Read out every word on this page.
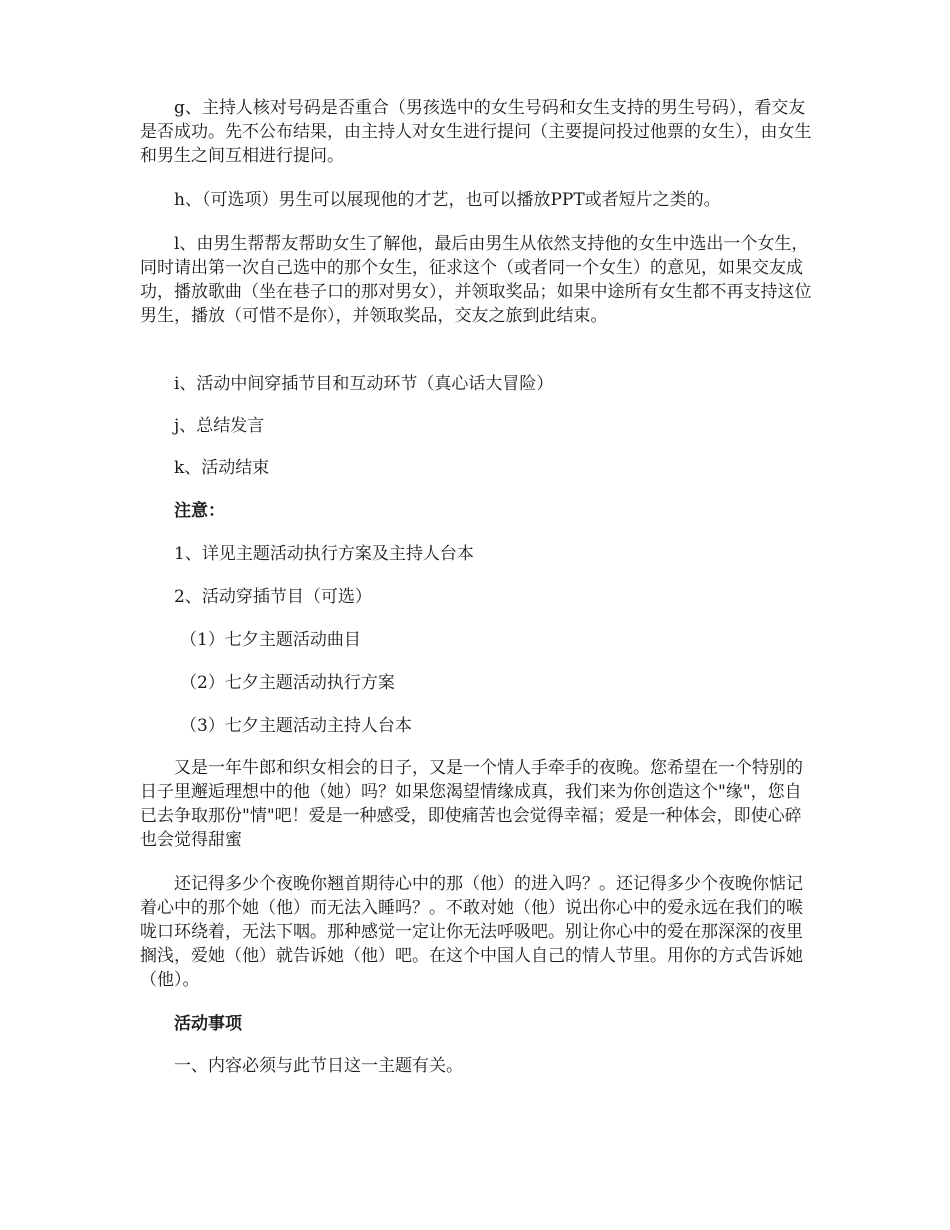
g、主持人核对号码是否重合（男孩选中的女生号码和女生支持的男生号码），看交友是否成功。先不公布结果，由主持人对女生进行提问（主要提问投过他票的女生），由女生和男生之间互相进行提问。

h、（可选项）男生可以展现他的才艺，也可以播放PPT或者短片之类的。

l、由男生帮帮友帮助女生了解他，最后由男生从依然支持他的女生中选出一个女生，同时请出第一次自己选中的那个女生，征求这个（或者同一个女生）的意见，如果交友成功，播放歌曲（坐在巷子口的那对男女），并领取奖品；如果中途所有女生都不再支持这位男生，播放（可惜不是你），并领取奖品，交友之旅到此结束。

i、活动中间穿插节目和互动环节（真心话大冒险）

j、总结发言

k、活动结束

注意：

1、详见主题活动执行方案及主持人台本

2、活动穿插节目（可选）

（1）七夕主题活动曲目

（2）七夕主题活动执行方案

（3）七夕主题活动主持人台本

又是一年牛郎和织女相会的日子，又是一个情人手牵手的夜晚。您希望在一个特别的日子里邂逅理想中的他（她）吗？如果您渴望情缘成真，我们来为你创造这个"缘"，您自已去争取那份"情"吧！爱是一种感受，即使痛苦也会觉得幸福；爱是一种体会，即使心碎也会觉得甜蜜

还记得多少个夜晚你翘首期待心中的那（他）的进入吗？。还记得多少个夜晚你惦记着心中的那个她（他）而无法入睡吗？。不敢对她（他）说出你心中的爱永远在我们的喉咙口环绕着，无法下咽。那种感觉一定让你无法呼吸吧。别让你心中的爱在那深深的夜里搁浅，爱她（他）就告诉她（他）吧。在这个中国人自己的情人节里。用你的方式告诉她（他）。

活动事项

一、内容必须与此节日这一主题有关。
